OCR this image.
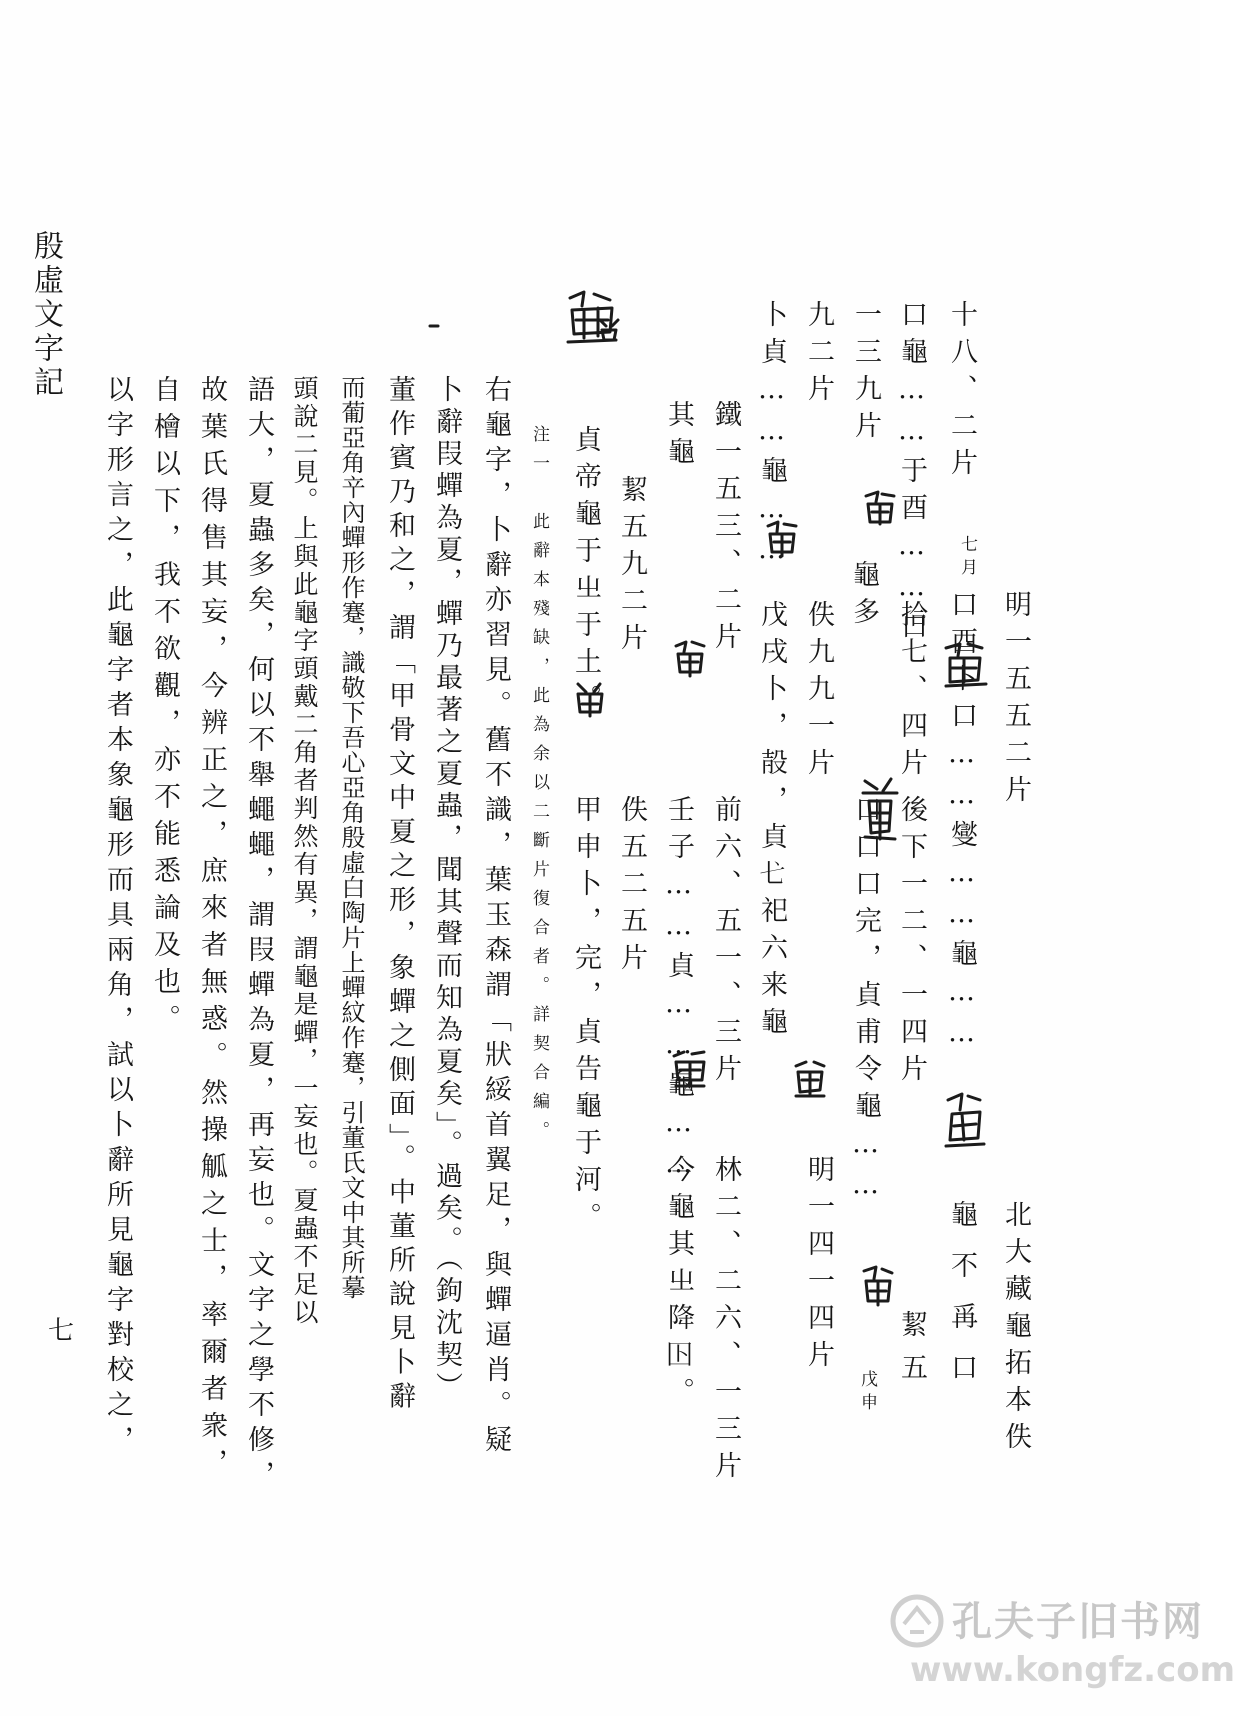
殷虛文字記
七	北大藏龜拓本佚
龜不爯口
絜五
戊申
明一五五二片
口酉卜口……燮……龜……
後下一二、一四片
口口口完，貞甫令龜……
明一四一四片
十八、二片
口龜……于酉……口 七月
一三九片
拾七、四片
龜多
九二片
佚九九一片
卜貞……龜……
戊戌卜，㱿，貞𢍺祀六来龜
林二、二六、一三片
鐵一五三、二片
前六、五一、三片
今龜其㞢降𡆥。
其龜
壬子……貞……龜……
絜五九二片
佚五二五片
貞帝龜于㞢于土。
甲申卜，完，貞告龜于河。
注一　此辭本殘缺，此為余以二斷片復合者。詳契合編。
右龜字，卜辭亦習見。舊不識，葉玉森謂「狀綏首翼足，與蟬逼肖。疑
卜辭叚蟬為夏，蟬乃最著之夏蟲，聞其聲而知為夏矣」。過矣。（鉤沈契）
董作賓乃和之，謂「甲骨文中夏之形，象蟬之側面」。中董所說見卜辭
而葡亞角䇂內蟬形作蹇，識敬下吾心亞角殷虛白陶片上蟬紋作蹇，引董氏文中其所摹
頭說二見。上與此龜字頭戴二角者判然有異，謂龜是蟬，一妄也。夏蟲不足以
語大，夏蟲多矣，何以不舉蠅蠅，謂叚蟬為夏，再妄也。文字之學不修，
故葉氏得售其妄，今辨正之，庶來者無惑。然操觚之士，率爾者衆，
自檜以下，我不欲觀，亦不能悉論及也。
以字形言之，此龜字者本象龜形而具兩角，試以卜辭所見龜字對校之，
孔夫子旧书网
www.kongfz.com
